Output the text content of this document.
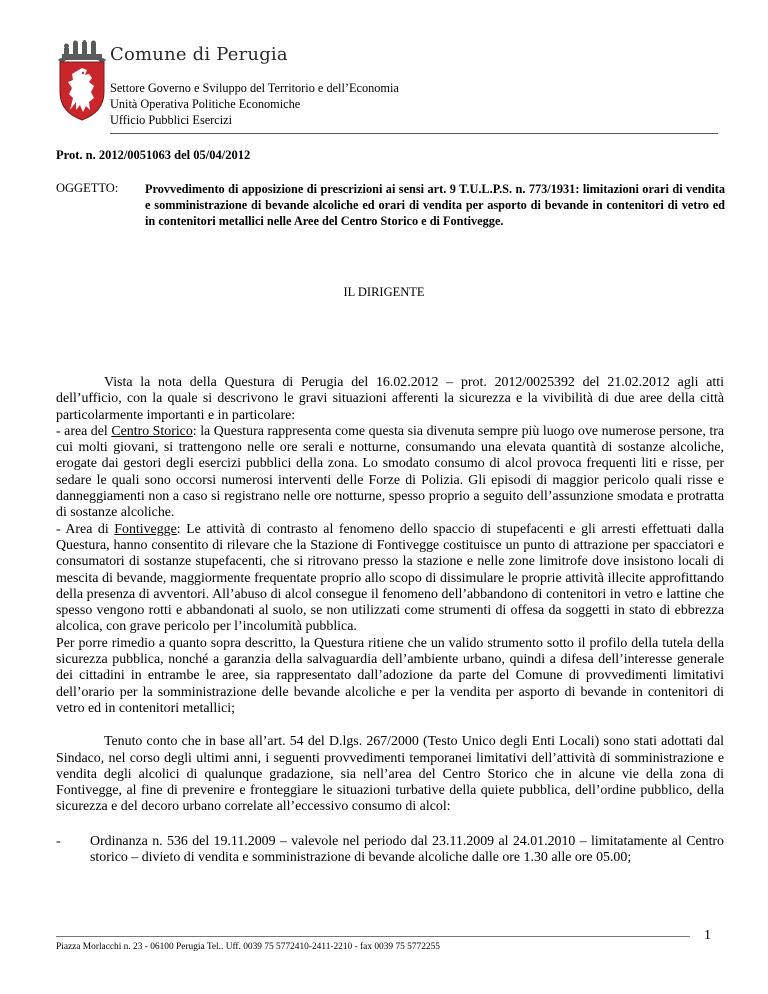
Comune di Perugia
Settore Governo e Sviluppo del Territorio e dell’Economia
Unità Operativa Politiche Economiche
Ufficio Pubblici Esercizi
Prot. n. 2012/0051063 del 05/04/2012
OGGETTO: Provvedimento di apposizione di prescrizioni ai sensi art. 9 T.U.L.P.S. n. 773/1931: limitazioni orari di vendita e somministrazione di bevande alcoliche ed orari di vendita per asporto di bevande in contenitori di vetro ed in contenitori metallici nelle Aree del Centro Storico e di Fontivegge.
IL DIRIGENTE

Vista la nota della Questura di Perugia del 16.02.2012 – prot. 2012/0025392 del 21.02.2012 agli atti dell’ufficio, con la quale si descrivono le gravi situazioni afferenti la sicurezza e la vivibilità di due aree della città particolarmente importanti e in particolare:

- area del Centro Storico: la Questura rappresenta come questa sia divenuta sempre più luogo ove numerose persone, tra cui molti giovani, si trattengono nelle ore serali e notturne, consumando una elevata quantità di sostanze alcoliche, erogate dai gestori degli esercizi pubblici della zona. Lo smodato consumo di alcol provoca frequenti liti e risse, per sedare le quali sono occorsi numerosi interventi delle Forze di Polizia. Gli episodi di maggior pericolo quali risse e danneggiamenti non a caso si registrano nelle ore notturne, spesso proprio a seguito dell’assunzione smodata e protratta di sostanze alcoliche.

- Area di Fontivegge: Le attività di contrasto al fenomeno dello spaccio di stupefacenti e gli arresti effettuati dalla Questura, hanno consentito di rilevare che la Stazione di Fontivegge costituisce un punto di attrazione per spacciatori e consumatori di sostanze stupefacenti, che si ritrovano presso la stazione e nelle zone limitrofe dove insistono locali di mescita di bevande, maggiormente frequentate proprio allo scopo di dissimulare le proprie attività illecite approfittando della presenza di avventori. All’abuso di alcol consegue il fenomeno dell’abbandono di contenitori in vetro e lattine che spesso vengono rotti e abbandonati al suolo, se non utilizzati come strumenti di offesa da soggetti in stato di ebbrezza alcolica, con grave pericolo per l’incolumità pubblica.

Per porre rimedio a quanto sopra descritto, la Questura ritiene che un valido strumento sotto il profilo della tutela della sicurezza pubblica, nonché a garanzia della salvaguardia dell’ambiente urbano, quindi a difesa dell’interesse generale dei cittadini in entrambe le aree, sia rappresentato dall’adozione da parte del Comune di provvedimenti limitativi dell’orario per la somministrazione delle bevande alcoliche e per la vendita per asporto di bevande in contenitori di vetro ed in contenitori metallici;

Tenuto conto che in base all’art. 54 del D.lgs. 267/2000 (Testo Unico degli Enti Locali) sono stati adottati dal Sindaco, nel corso degli ultimi anni, i seguenti provvedimenti temporanei limitativi dell’attività di somministrazione e vendita degli alcolici di qualunque gradazione, sia nell’area del Centro Storico che in alcune vie della zona di Fontivegge, al fine di prevenire e fronteggiare le situazioni turbative della quiete pubblica, dell’ordine pubblico, della sicurezza e del decoro urbano correlate all’eccessivo consumo di alcol:

-	Ordinanza n. 536 del 19.11.2009 – valevole nel periodo dal 23.11.2009 al 24.01.2010 – limitatamente al Centro storico – divieto di vendita e somministrazione di bevande alcoliche dalle ore 1.30 alle ore 05.00;
Piazza Morlacchi n. 23 - 06100 Perugia Tel.. Uff. 0039 75 5772410-2411-2210 - fax 0039 75 5772255
1
